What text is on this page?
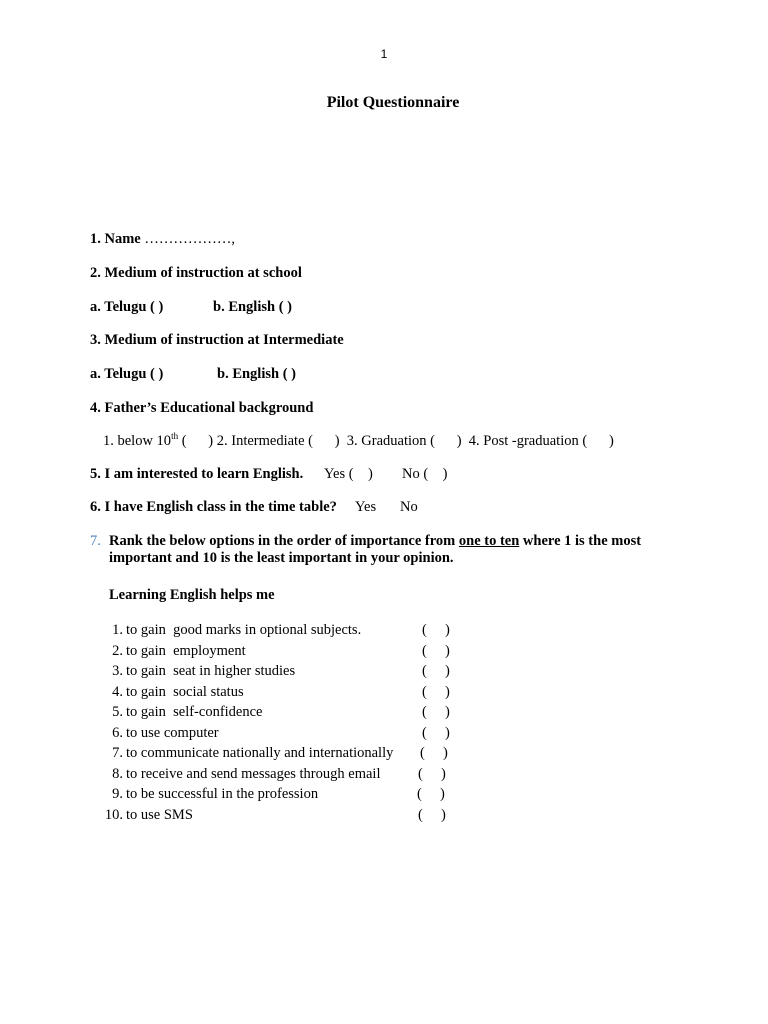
1
Pilot Questionnaire
1. Name ………………,
2. Medium of instruction at school
a. Telugu ( )	b. English ( )
3. Medium of instruction at Intermediate
a. Telugu ( )	b. English ( )
4. Father’s Educational background
1. below 10th (      ) 2. Intermediate (      )  3. Graduation (      )  4. Post -graduation (      )
5. I am interested to learn English. Yes (    ) No (    )
6. I have English class in the time table? Yes No
7. Rank the below options in the order of importance from one to ten where 1 is the most
important and 10 is the least important in your opinion.
Learning English helps me
1. to gain  good marks in optional subjects.	(     )
2. to gain  employment	(     )
3. to gain  seat in higher studies	(     )
4. to gain  social status	(     )
5. to gain  self-confidence	(     )
6. to use computer	(     )
7. to communicate nationally and internationally (     )
8. to receive and send messages through email	(     )
9. to be successful in the profession	(     )
10. to use SMS	(     )
